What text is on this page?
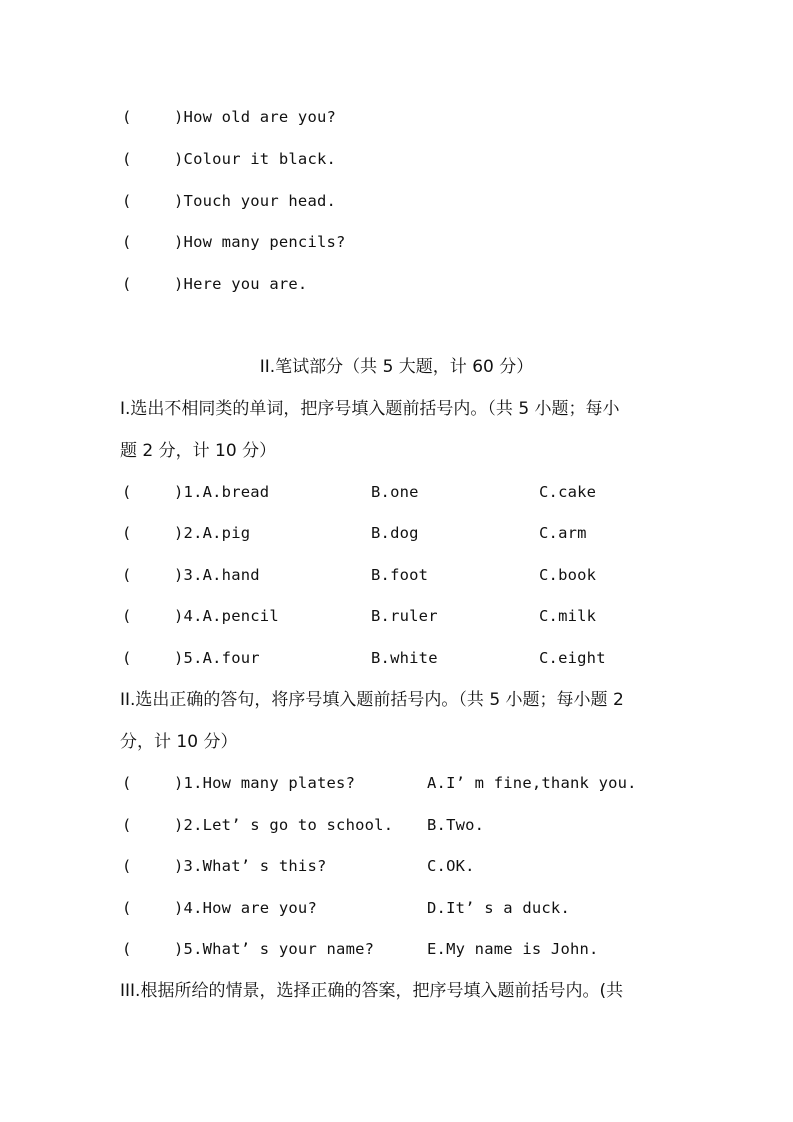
(	)How old are you?
(	)Colour it black.
(	)Touch your head.
(	)How many pencils?
(	)Here you are.
II.笔试部分（共 5 大题，计 60 分）
I.选出不相同类的单词，把序号填入题前括号内。（共 5 小题；每小
题 2 分，计 10 分）
(	)1.A.bread	B.one	C.cake
(	)2.A.pig	B.dog	C.arm
(	)3.A.hand	B.foot	C.book
(	)4.A.pencil	B.ruler	C.milk
(	)5.A.four	B.white	C.eight
II.选出正确的答句，将序号填入题前括号内。（共 5 小题；每小题 2
分，计 10 分）
(	)1.How many plates?	A.I’ m fine,thank you.
(	)2.Let’ s go to school. B.Two.
(	)3.What’ s this?	C.OK.
(	)4.How are you?	D.It’ s a duck.
(	)5.What’ s your name?	E.My name is John.
III.根据所给的情景，选择正确的答案，把序号填入题前括号内。(共
